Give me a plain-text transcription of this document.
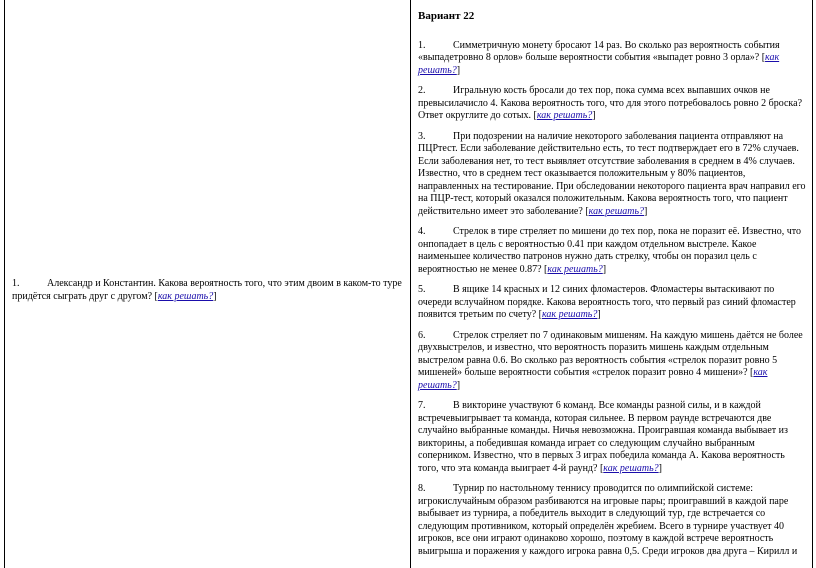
1.	Александр и Константин. Какова вероятность того, что этим двоим в каком-то туре придётся сыграть друг с другом? [как решать?]
Вариант 22
1.	Симметричную монету бросают 14 раз. Во сколько раз вероятность события «выпадетровно 8 орлов» больше вероятности события «выпадет ровно 3 орла»? [как решать?]
2.	Игральную кость бросали до тех пор, пока сумма всех выпавших очков не превысилачисло 4. Какова вероятность того, что для этого потребовалось ровно 2 броска? Ответ округлите до сотых. [как решать?]
3.	При подозрении на наличие некоторого заболевания пациента отправляют на ПЦРтест. Если заболевание действительно есть, то тест подтверждает его в 72% случаев. Если заболевания нет, то тест выявляет отсутствие заболевания в среднем в 4% случаев. Известно, что в среднем тест оказывается положительным у 80% пациентов, направленных на тестирование. При обследовании некоторого пациента врач направил его на ПЦР-тест, который оказался положительным. Какова вероятность того, что пациент действительно имеет это заболевание? [как решать?]
4.	Стрелок в тире стреляет по мишени до тех пор, пока не поразит её. Известно, что онпопадает в цель с вероятностью 0.41 при каждом отдельном выстреле. Какое наименьшее количество патронов нужно дать стрелку, чтобы он поразил цель с вероятностью не менее 0.87? [как решать?]
5.	В ящике 14 красных и 12 синих фломастеров. Фломастеры вытаскивают по очереди вслучайном порядке. Какова вероятность того, что первый раз синий фломастер появится третьим по счету? [как решать?]
6.	Стрелок стреляет по 7 одинаковым мишеням. На каждую мишень даётся не более двухвыстрелов, и известно, что вероятность поразить мишень каждым отдельным выстрелом равна 0.6. Во сколько раз вероятность события «стрелок поразит ровно 5 мишеней» больше вероятности события «стрелок поразит ровно 4 мишени»? [как решать?]
7.	В викторине участвуют 6 команд. Все команды разной силы, и в каждой встречевыигрывает та команда, которая сильнее. В первом раунде встречаются две случайно выбранные команды. Ничья невозможна. Проигравшая команда выбывает из викторины, а победившая команда играет со следующим случайно выбранным соперником. Известно, что в первых 3 играх победила команда А. Какова вероятность того, что эта команда выиграет 4-й раунд? [как решать?]
8.	Турнир по настольному теннису проводится по олимпийской системе: игрокислучайным образом разбиваются на игровые пары; проигравший в каждой паре выбывает из турнира, а победитель выходит в следующий тур, где встречается со следующим противником, который определён жребием. Всего в турнире участвует 40 игроков, все они играют одинаково хорошо, поэтому в каждой встрече вероятность выигрыша и поражения у каждого игрока равна 0,5. Среди игроков два друга – Кирилл и
